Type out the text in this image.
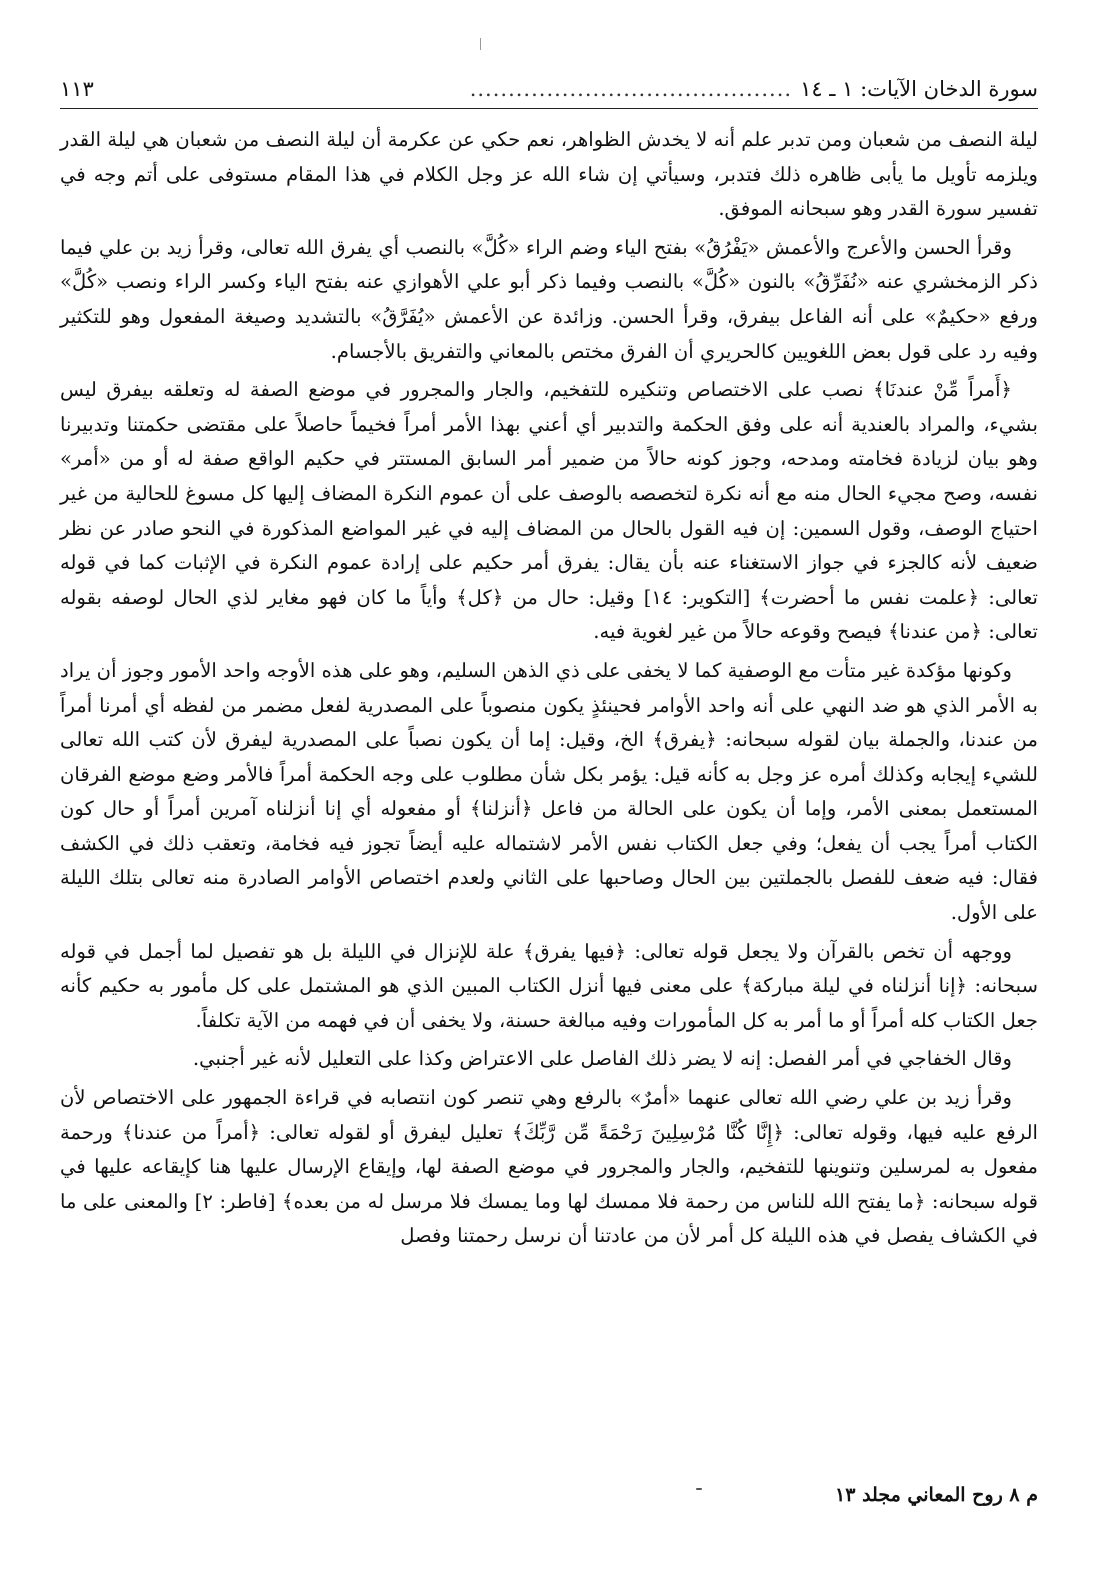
سورة الدخان الآيات: ١ ـ ١٤
..........................................
١١٣

ليلة النصف من شعبان ومن تدبر علم أنه لا يخدش الظواهر، نعم حكي عن عكرمة أن ليلة النصف من شعبان هي ليلة القدر ويلزمه تأويل ما يأبى ظاهره ذلك فتدبر، وسيأتي إن شاء الله عز وجل الكلام في هذا المقام مستوفى على أتم وجه في تفسير سورة القدر وهو سبحانه الموفق.

وقرأ الحسن والأعرج والأعمش «يَفْرُقُ» بفتح الياء وضم الراء «كُلَّ» بالنصب أي يفرق الله تعالى، وقرأ زيد بن علي فيما ذكر الزمخشري عنه «نُفَرِّقُ» بالنون «كُلَّ» بالنصب وفيما ذكر أبو علي الأهوازي عنه بفتح الياء وكسر الراء ونصب «كُلَّ» ورفع «حكيمٌ» على أنه الفاعل بيفرق، وقرأ الحسن. وزائدة عن الأعمش «يُفَرَّقُ» بالتشديد وصيغة المفعول وهو للتكثير وفيه رد على قول بعض اللغويين كالحريري أن الفرق مختص بالمعاني والتفريق بالأجسام.

﴿أَمراً مِّنْ عندنَا﴾ نصب على الاختصاص وتنكيره للتفخيم، والجار والمجرور في موضع الصفة له وتعلقه بيفرق ليس بشيء، والمراد بالعندية أنه على وفق الحكمة والتدبير أي أعني بهذا الأمر أمراً فخيماً حاصلاً على مقتضى حكمتنا وتدبيرنا وهو بيان لزيادة فخامته ومدحه، وجوز كونه حالاً من ضمير أمر السابق المستتر في حكيم الواقع صفة له أو من «أمر» نفسه، وصح مجيء الحال منه مع أنه نكرة لتخصصه بالوصف على أن عموم النكرة المضاف إليها كل مسوغ للحالية من غير احتياج الوصف، وقول السمين: إن فيه القول بالحال من المضاف إليه في غير المواضع المذكورة في النحو صادر عن نظر ضعيف لأنه كالجزء في جواز الاستغناء عنه بأن يقال: يفرق أمر حكيم على إرادة عموم النكرة في الإثبات كما في قوله تعالى: ﴿علمت نفس ما أحضرت﴾ [التكوير: ١٤] وقيل: حال من ﴿كل﴾ وأياً ما كان فهو مغاير لذي الحال لوصفه بقوله تعالى: ﴿من عندنا﴾ فيصح وقوعه حالاً من غير لغوية فيه.

وكونها مؤكدة غير متأت مع الوصفية كما لا يخفى على ذي الذهن السليم، وهو على هذه الأوجه واحد الأمور وجوز أن يراد به الأمر الذي هو ضد النهي على أنه واحد الأوامر فحينئذٍ يكون منصوباً على المصدرية لفعل مضمر من لفظه أي أمرنا أمراً من عندنا، والجملة بيان لقوله سبحانه: ﴿يفرق﴾ الخ، وقيل: إما أن يكون نصباً على المصدرية ليفرق لأن كتب الله تعالى للشيء إيجابه وكذلك أمره عز وجل به كأنه قيل: يؤمر بكل شأن مطلوب على وجه الحكمة أمراً فالأمر وضع موضع الفرقان المستعمل بمعنى الأمر، وإما أن يكون على الحالة من فاعل ﴿أنزلنا﴾ أو مفعوله أي إنا أنزلناه آمرين أمراً أو حال كون الكتاب أمراً يجب أن يفعل؛ وفي جعل الكتاب نفس الأمر لاشتماله عليه أيضاً تجوز فيه فخامة، وتعقب ذلك في الكشف فقال: فيه ضعف للفصل بالجملتين بين الحال وصاحبها على الثاني ولعدم اختصاص الأوامر الصادرة منه تعالى بتلك الليلة على الأول.

ووجهه أن تخص بالقرآن ولا يجعل قوله تعالى: ﴿فيها يفرق﴾ علة للإنزال في الليلة بل هو تفصيل لما أجمل في قوله سبحانه: ﴿إنا أنزلناه في ليلة مباركة﴾ على معنى فيها أنزل الكتاب المبين الذي هو المشتمل على كل مأمور به حكيم كأنه جعل الكتاب كله أمراً أو ما أمر به كل المأمورات وفيه مبالغة حسنة، ولا يخفى أن في فهمه من الآية تكلفاً.

وقال الخفاجي في أمر الفصل: إنه لا يضر ذلك الفاصل على الاعتراض وكذا على التعليل لأنه غير أجنبي.

وقرأ زيد بن علي رضي الله تعالى عنهما «أمرٌ» بالرفع وهي تنصر كون انتصابه في قراءة الجمهور على الاختصاص لأن الرفع عليه فيها، وقوله تعالى: ﴿إِنَّا كُنَّا مُرْسِلِينَ رَحْمَةً مِّن رَّبِّكَ﴾ تعليل ليفرق أو لقوله تعالى: ﴿أمراً من عندنا﴾ ورحمة مفعول به لمرسلين وتنوينها للتفخيم، والجار والمجرور في موضع الصفة لها، وإيقاع الإرسال عليها هنا كإيقاعه عليها في قوله سبحانه: ﴿ما يفتح الله للناس من رحمة فلا ممسك لها وما يمسك فلا مرسل له من بعده﴾ [فاطر: ٢] والمعنى على ما في الكشاف يفصل في هذه الليلة كل أمر لأن من عادتنا أن نرسل رحمتنا وفصل

م ٨ روح المعاني مجلد ١٣
